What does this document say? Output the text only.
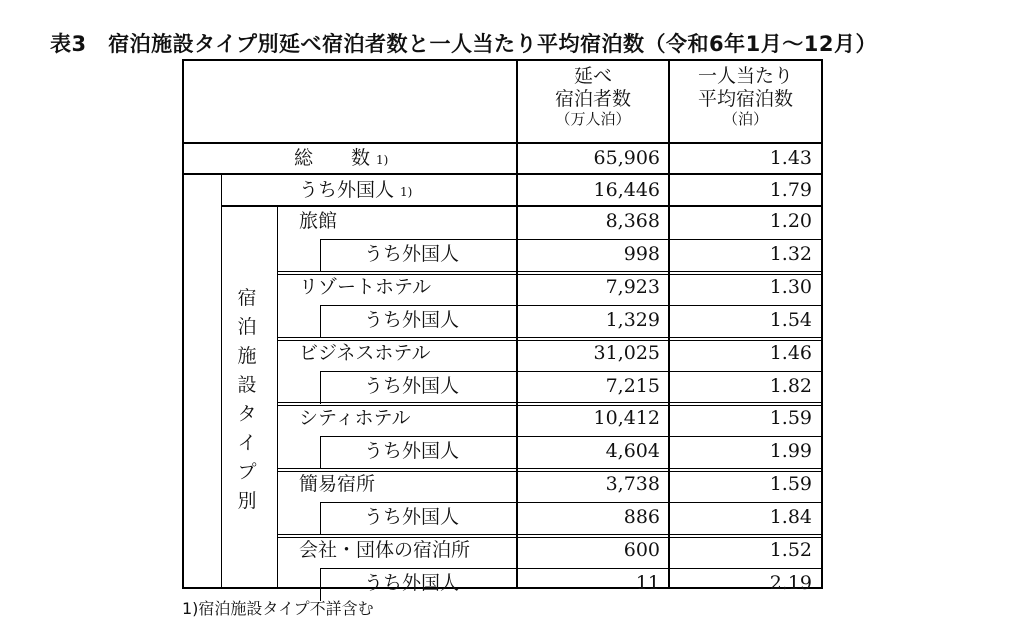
表3　宿泊施設タイプ別延べ宿泊者数と一人当たり平均宿泊数（令和6年1月～12月）
延べ
宿泊者数
（万人泊）
一人当たり
平均宿泊数
（泊）
総　　数 1)	65,906	1.43
うち外国人 1)	16,446	1.79
宿
泊
施
設
タ
イ
プ
別
旅館	8,368	1.20
うち外国人	998	1.32
リゾートホテル	7,923	1.30
うち外国人	1,329	1.54
ビジネスホテル	31,025	1.46
うち外国人	7,215	1.82
シティホテル	10,412	1.59
うち外国人	4,604	1.99
簡易宿所	3,738	1.59
うち外国人	886	1.84
会社・団体の宿泊所	600	1.52
うち外国人	11	2.19
1)宿泊施設タイプ不詳含む
